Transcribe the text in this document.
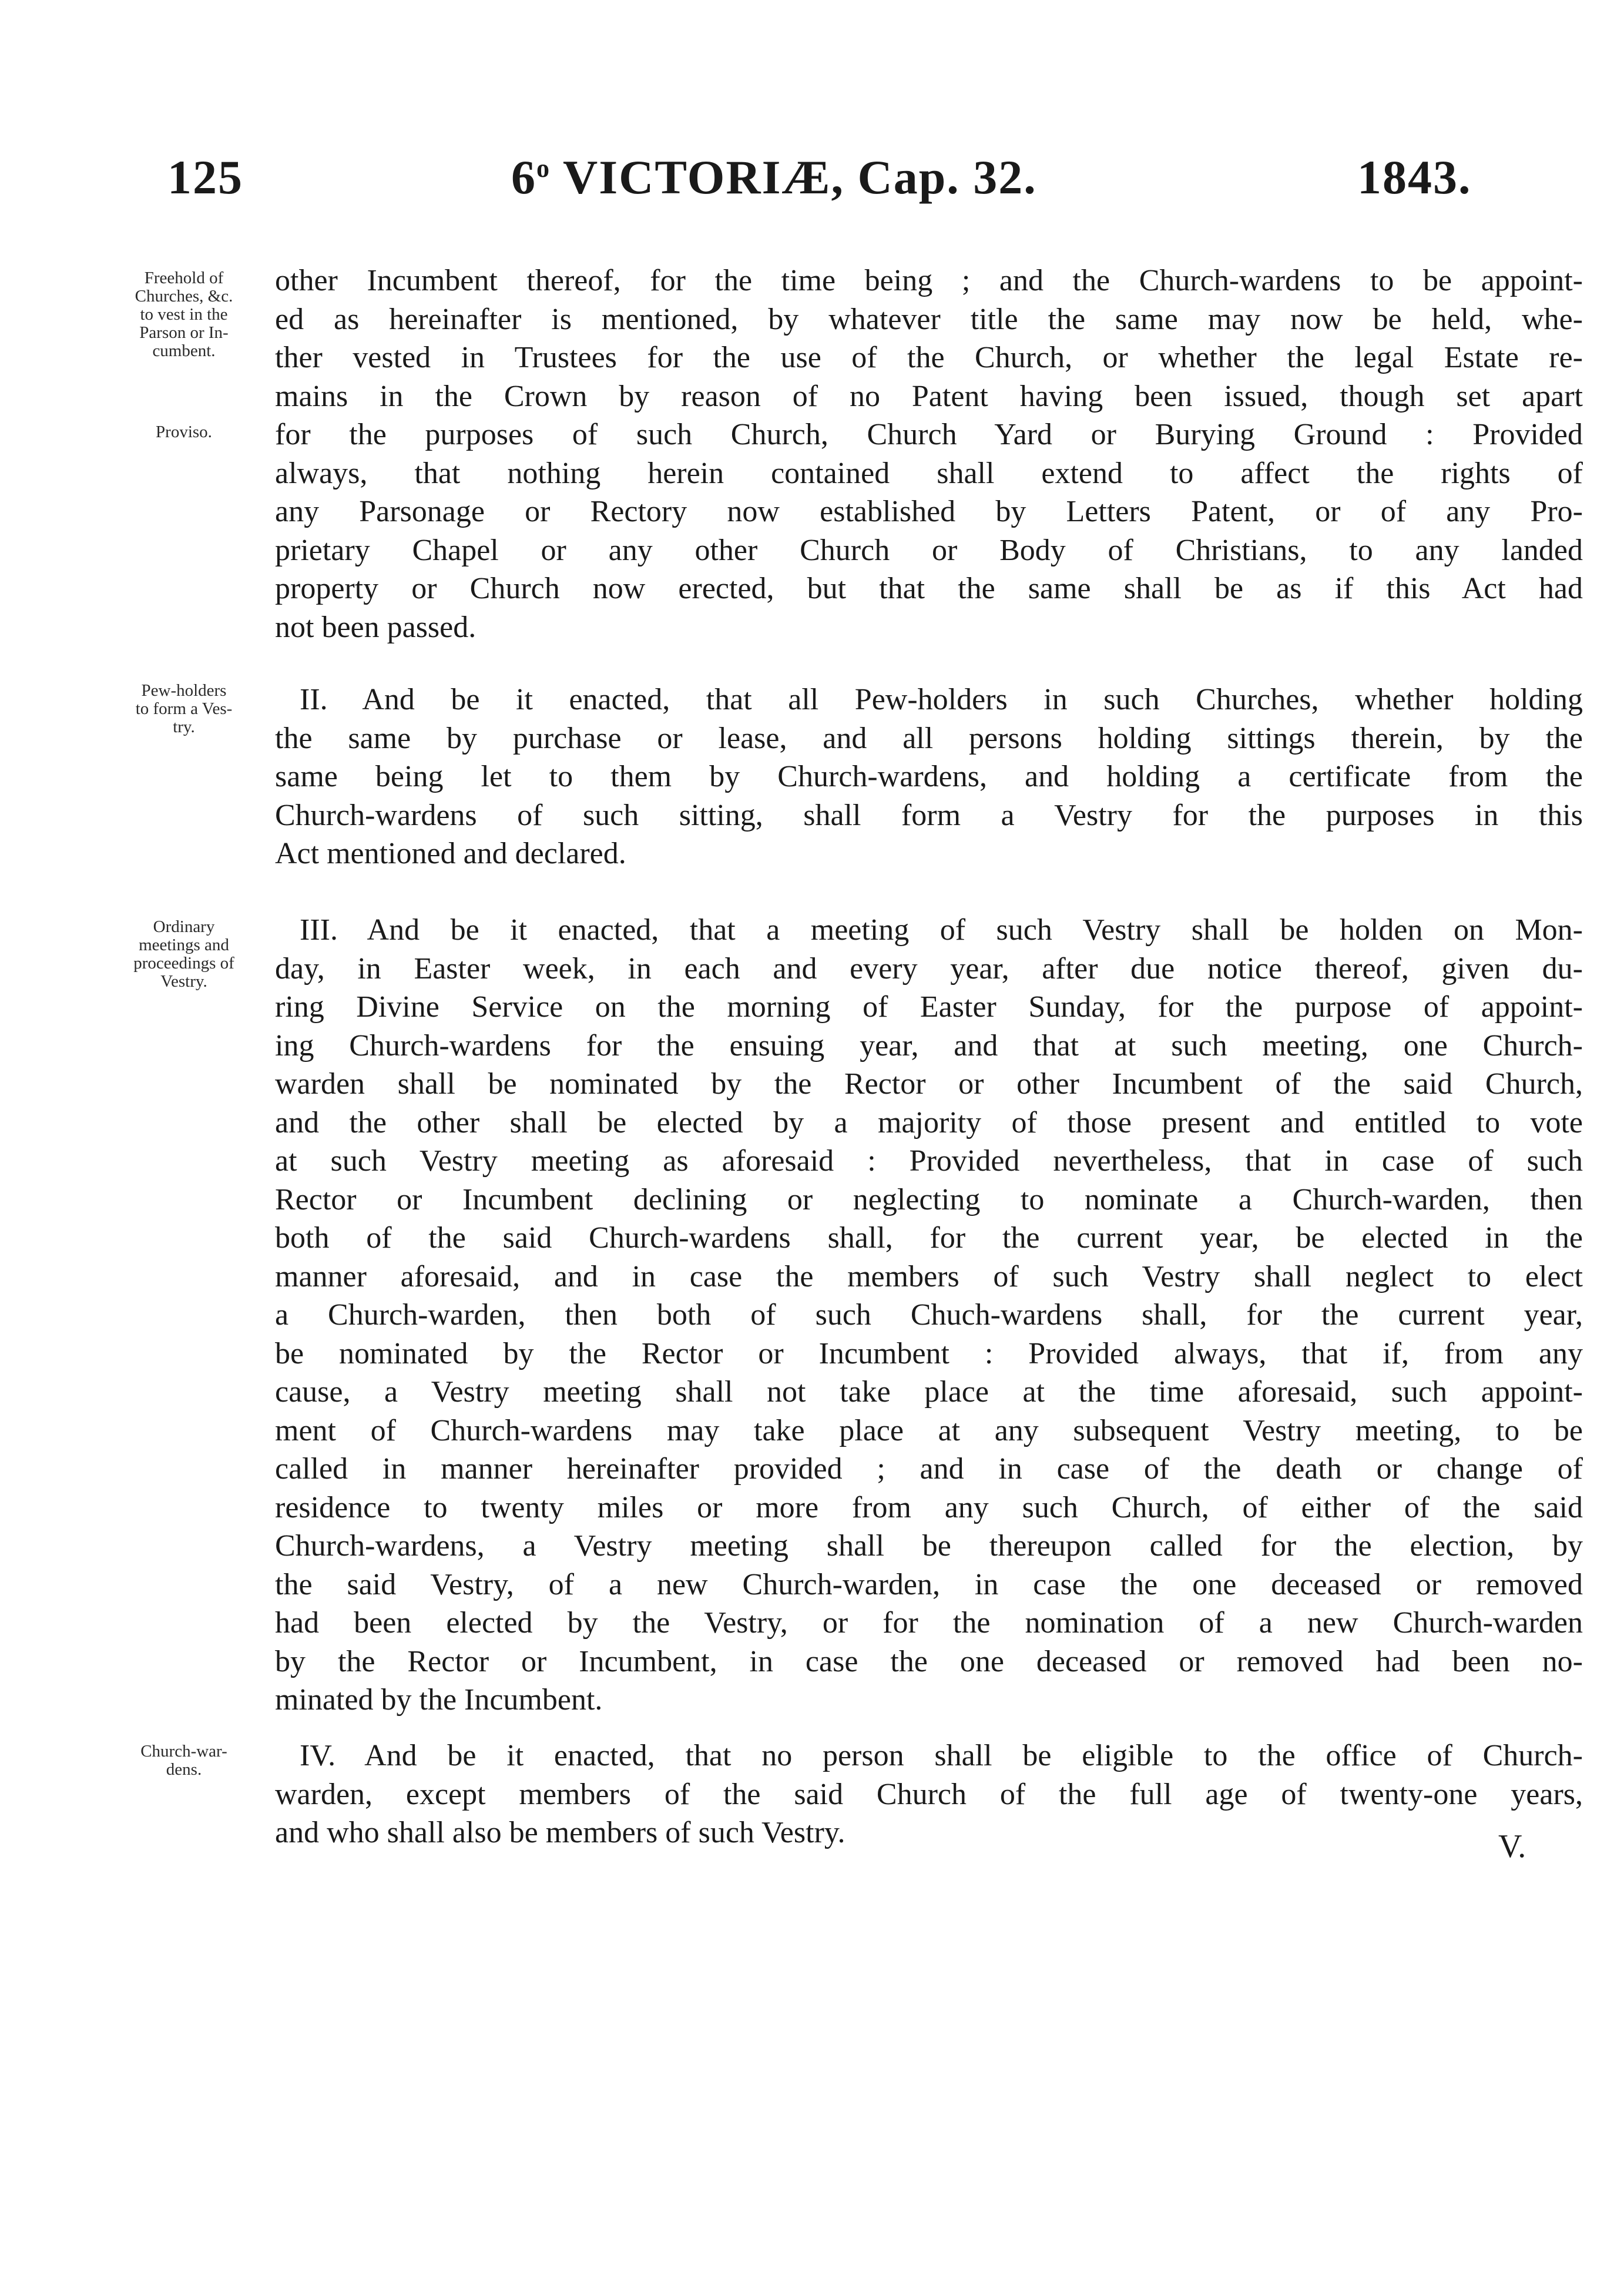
125	6$^o$ VICTORIÆ, Cap. 32.	1843.
Freehold of
Churches, &c.
to vest in the
Parson or In-
cumbent.
Proviso.
Pew-holders
to form a Ves-
try.
Ordinary
meetings and
proceedings of
Vestry.
Church-war-
dens.
other Incumbent thereof, for the time being ; and the Church-wardens to be appoint-
ed as hereinafter is mentioned, by whatever title the same may now be held, whe-
ther vested in Trustees for the use of the Church, or whether the legal Estate re-
mains in the Crown by reason of no Patent having been issued, though set apart
for the purposes of such Church, Church Yard or Burying Ground : Provided
always, that nothing herein contained shall extend to affect the rights of
any Parsonage or Rectory now established by Letters Patent, or of any Pro-
prietary Chapel or any other Church or Body of Christians, to any landed
property or Church now erected, but that the same shall be as if this Act had
not been passed.
II. And be it enacted, that all Pew-holders in such Churches, whether holding
the same by purchase or lease, and all persons holding sittings therein, by the
same being let to them by Church-wardens, and holding a certificate from the
Church-wardens of such sitting, shall form a Vestry for the purposes in this
Act mentioned and declared.
III. And be it enacted, that a meeting of such Vestry shall be holden on Mon-
day, in Easter week, in each and every year, after due notice thereof, given du-
ring Divine Service on the morning of Easter Sunday, for the purpose of appoint-
ing Church-wardens for the ensuing year, and that at such meeting, one Church-
warden shall be nominated by the Rector or other Incumbent of the said Church,
and the other shall be elected by a majority of those present and entitled to vote
at such Vestry meeting as aforesaid : Provided nevertheless, that in case of such
Rector or Incumbent declining or neglecting to nominate a Church-warden, then
both of the said Church-wardens shall, for the current year, be elected in the
manner aforesaid, and in case the members of such Vestry shall neglect to elect
a Church-warden, then both of such Chuch-wardens shall, for the current year,
be nominated by the Rector or Incumbent : Provided always, that if, from any
cause, a Vestry meeting shall not take place at the time aforesaid, such appoint-
ment of Church-wardens may take place at any subsequent Vestry meeting, to be
called in manner hereinafter provided ; and in case of the death or change of
residence to twenty miles or more from any such Church, of either of the said
Church-wardens, a Vestry meeting shall be thereupon called for the election, by
the said Vestry, of a new Church-warden, in case the one deceased or removed
had been elected by the Vestry, or for the nomination of a new Church-warden
by the Rector or Incumbent, in case the one deceased or removed had been no-
minated by the Incumbent.
IV. And be it enacted, that no person shall be eligible to the office of Church-
warden, except members of the said Church of the full age of twenty-one years,
and who shall also be members of such Vestry.	V.
